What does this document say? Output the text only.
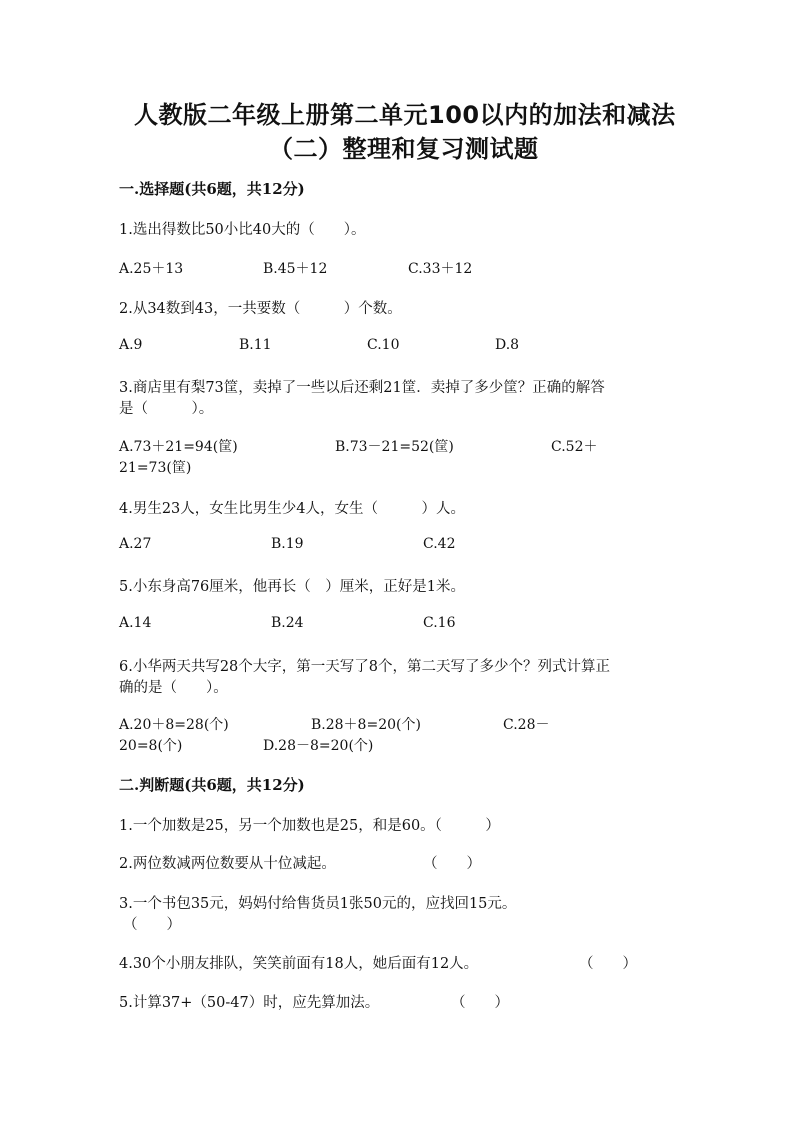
人教版二年级上册第二单元100以内的加法和减法
（二）整理和复习测试题
一.选择题(共6题，共12分)
1.选出得数比50小比40大的（　　）。
A.25＋13	B.45＋12	C.33＋12
2.从34数到43，一共要数（　　　）个数。
A.9	B.11	C.10	D.8
3.商店里有梨73筐，卖掉了一些以后还剩21筐．卖掉了多少筐？正确的解答
是（　　　）。
A.73＋21=94(筐)	B.73－21=52(筐)	C.52＋
21=73(筐)
4.男生23人，女生比男生少4人，女生（　　　）人。
A.27	B.19	C.42
5.小东身高76厘米，他再长（　）厘米，正好是1米。
A.14	B.24	C.16
6.小华两天共写28个大字，第一天写了8个，第二天写了多少个？列式计算正
确的是（　　）。
A.20＋8=28(个)	B.28＋8=20(个)	C.28－
20=8(个)	D.28－8=20(个)
二.判断题(共6题，共12分)
1.一个加数是25，另一个加数也是25，和是60。（　　　）
2.两位数减两位数要从十位减起。	（　　）
3.一个书包35元，妈妈付给售货员1张50元的，应找回15元。
（　　）
4.30个小朋友排队，笑笑前面有18人，她后面有12人。	（　　）
5.计算37+（50-47）时，应先算加法。	（　　）
